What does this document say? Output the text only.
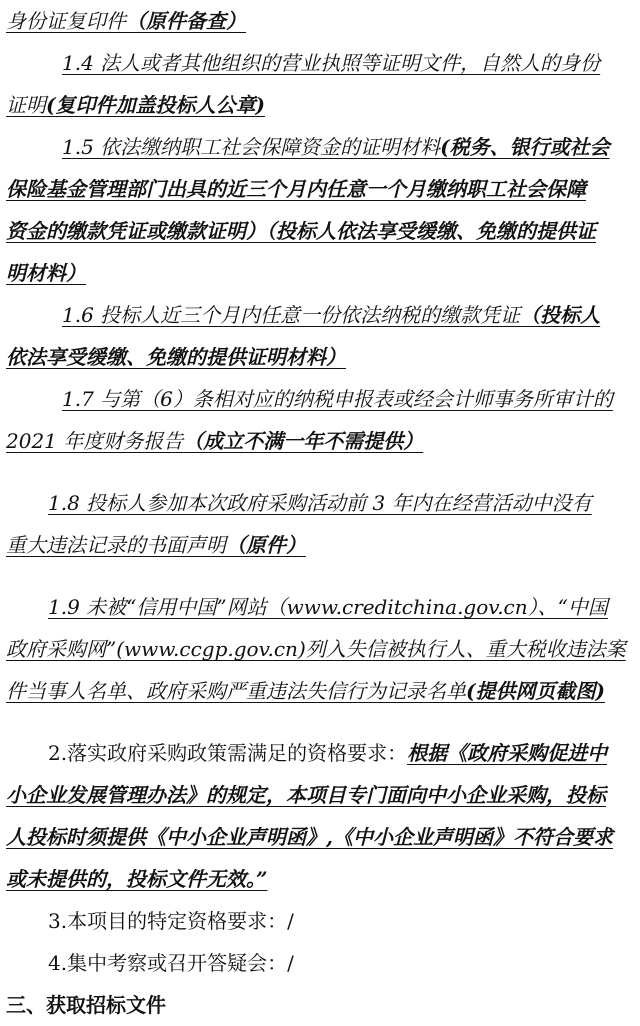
身份证复印件（原件备查）
1.4 法人或者其他组织的营业执照等证明文件，自然人的身份
证明(复印件加盖投标人公章)
1.5 依法缴纳职工社会保障资金的证明材料(税务、银行或社会
保险基金管理部门出具的近三个月内任意一个月缴纳职工社会保障
资金的缴款凭证或缴款证明）（投标人依法享受缓缴、免缴的提供证
明材料）
1.6 投标人近三个月内任意一份依法纳税的缴款凭证（投标人
依法享受缓缴、免缴的提供证明材料）
1.7 与第（6）条相对应的纳税申报表或经会计师事务所审计的
2021 年度财务报告（成立不满一年不需提供）
1.8 投标人参加本次政府采购活动前 3 年内在经营活动中没有
重大违法记录的书面声明（原件）
1.9 未被“信用中国”网站（www.creditchina.gov.cn）、“中国
政府采购网”(www.ccgp.gov.cn)列入失信被执行人、重大税收违法案
件当事人名单、政府采购严重违法失信行为记录名单(提供网页截图)
2.落实政府采购政策需满足的资格要求：根据《政府采购促进中
小企业发展管理办法》的规定，本项目专门面向中小企业采购，投标
人投标时须提供《中小企业声明函》,《中小企业声明函》不符合要求
或未提供的，投标文件无效。”
3.本项目的特定资格要求：/
4.集中考察或召开答疑会：/
三、获取招标文件
